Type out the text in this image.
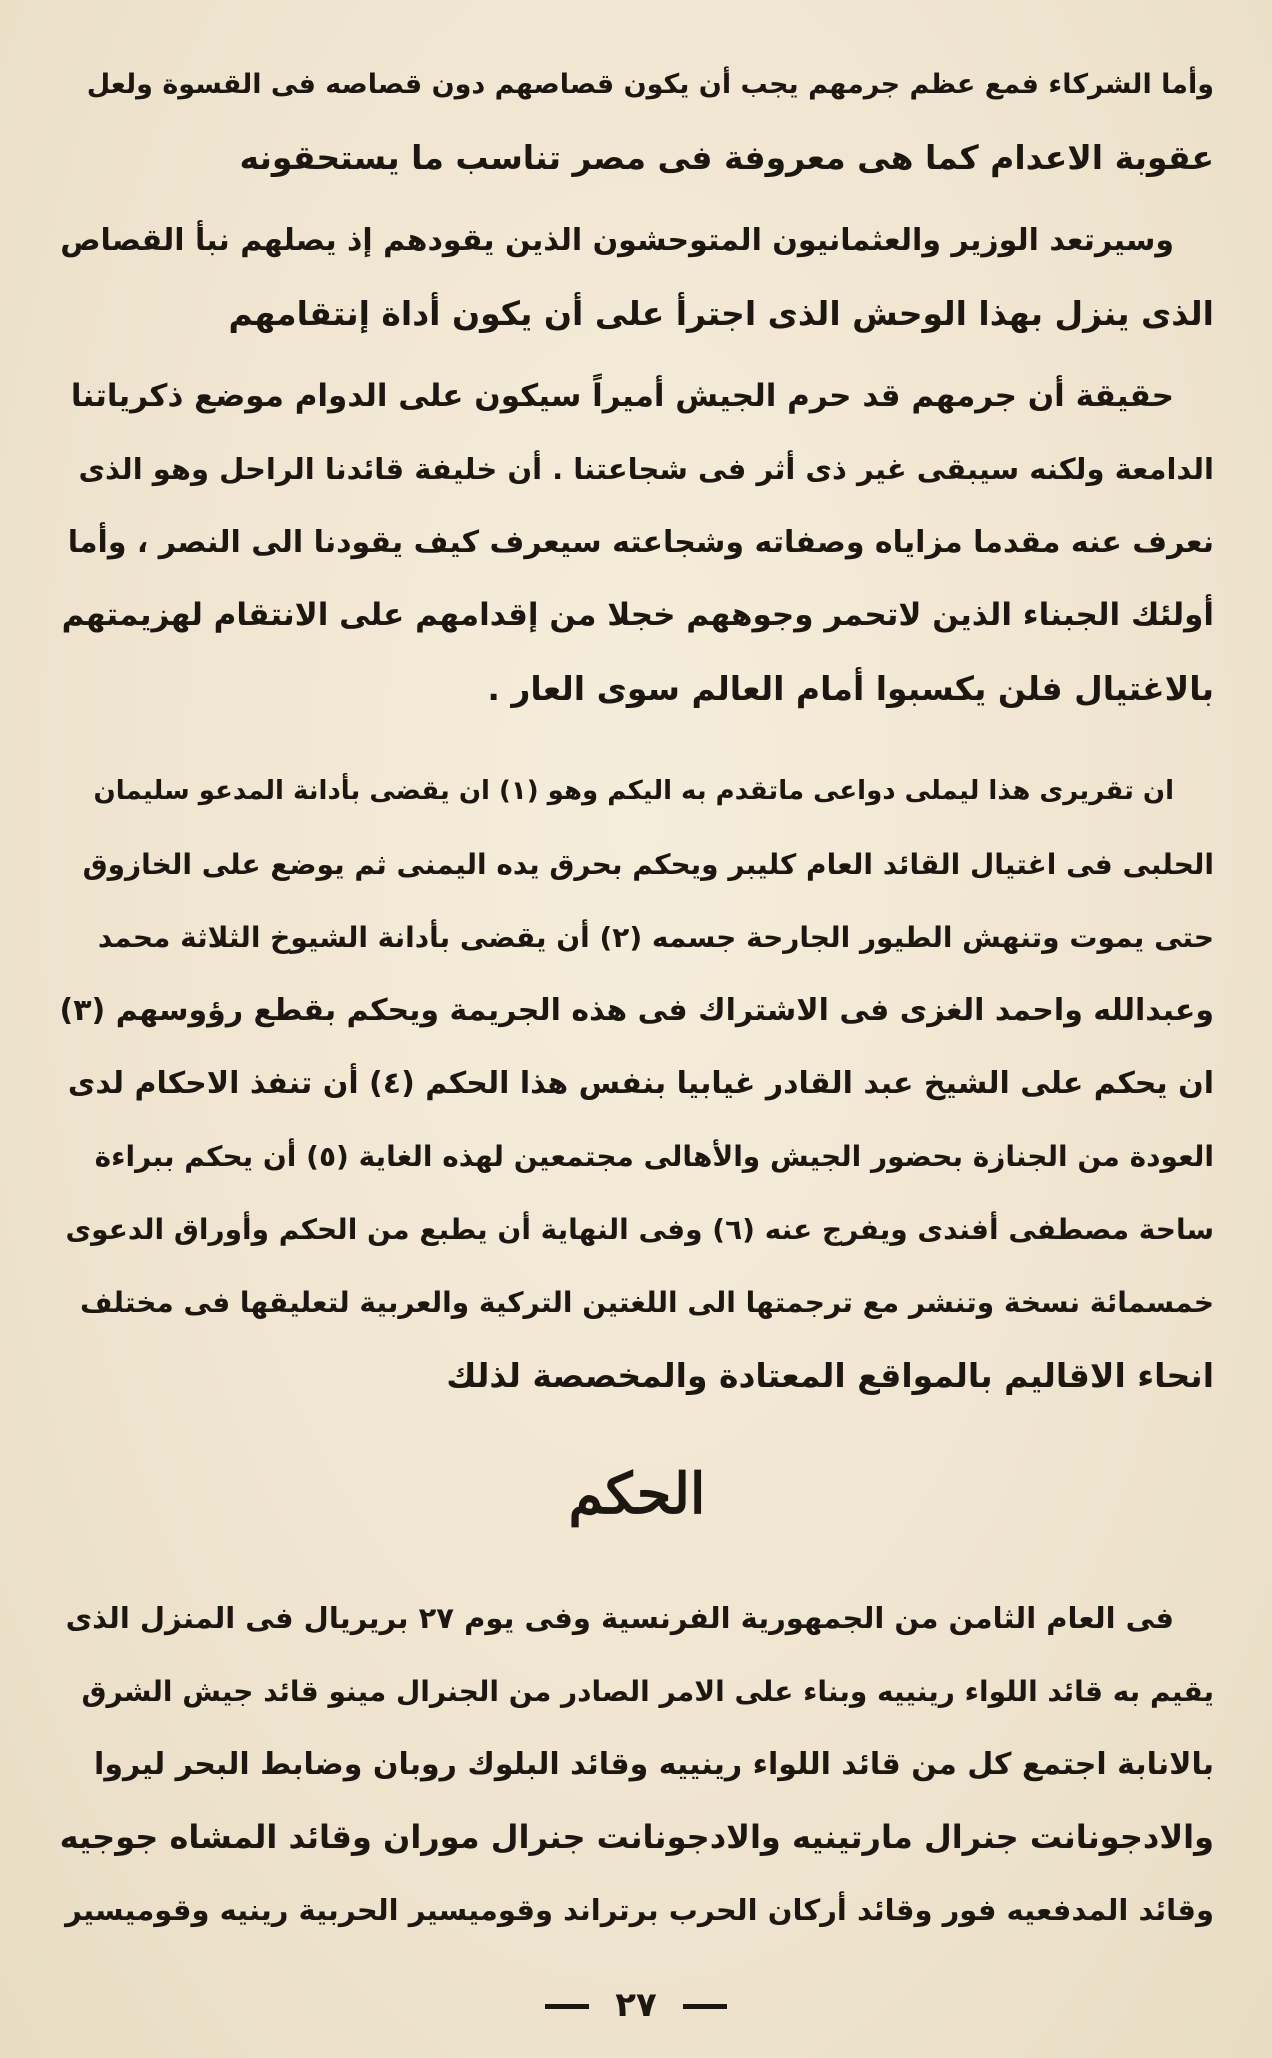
وأما الشركاء فمع عظم جرمهم يجب أن يكون قصاصهم دون قصاصه فى القسوة ولعل
عقوبة الاعدام كما هى معروفة فى مصر تناسب ما يستحقونه
وسيرتعد الوزير والعثمانيون المتوحشون الذين يقودهم إذ يصلهم نبأ القصاص
الذى ينزل بهذا الوحش الذى اجترأ على أن يكون أداة إنتقامهم
حقيقة أن جرمهم قد حرم الجيش أميراً سيكون على الدوام موضع ذكرياتنا
الدامعة ولكنه سيبقى غير ذى أثر فى شجاعتنا . أن خليفة قائدنا الراحل وهو الذى
نعرف عنه مقدما مزاياه وصفاته وشجاعته سيعرف كيف يقودنا الى النصر ، وأما
أولئك الجبناء الذين لاتحمر وجوههم خجلا من إقدامهم على الانتقام لهزيمتهم
بالاغتيال فلن يكسبوا أمام العالم سوى العار .
ان تقريرى هذا ليملى دواعى ماتقدم به اليكم وهو (١) ان يقضى بأدانة المدعو سليمان
الحلبى فى اغتيال القائد العام كليبر ويحكم بحرق يده اليمنى ثم يوضع على الخازوق
حتى يموت وتنهش الطيور الجارحة جسمه (٢) أن يقضى بأدانة الشيوخ الثلاثة محمد
وعبدالله واحمد الغزى فى الاشتراك فى هذه الجريمة ويحكم بقطع رؤوسهم (٣)
ان يحكم على الشيخ عبد القادر غيابيا بنفس هذا الحكم (٤) أن تنفذ الاحكام لدى
العودة من الجنازة بحضور الجيش والأهالى مجتمعين لهذه الغاية (٥) أن يحكم ببراءة
ساحة مصطفى أفندى ويفرج عنه (٦) وفى النهاية أن يطبع من الحكم وأوراق الدعوى
خمسمائة نسخة وتنشر مع ترجمتها الى اللغتين التركية والعربية لتعليقها فى مختلف
انحاء الاقاليم بالمواقع المعتادة والمخصصة لذلك
الحكم
فى العام الثامن من الجمهورية الفرنسية وفى يوم ٢٧ بريريال فى المنزل الذى
يقيم به قائد اللواء رينييه وبناء على الامر الصادر من الجنرال مينو قائد جيش الشرق
بالانابة اجتمع كل من قائد اللواء رينييه وقائد البلوك روبان وضابط البحر ليروا
والادجونانت جنرال مارتينيه والادجونانت جنرال موران وقائد المشاه جوجيه
وقائد المدفعيه فور وقائد أركان الحرب برتراند وقوميسير الحربية رينيه وقوميسير
٢٧
